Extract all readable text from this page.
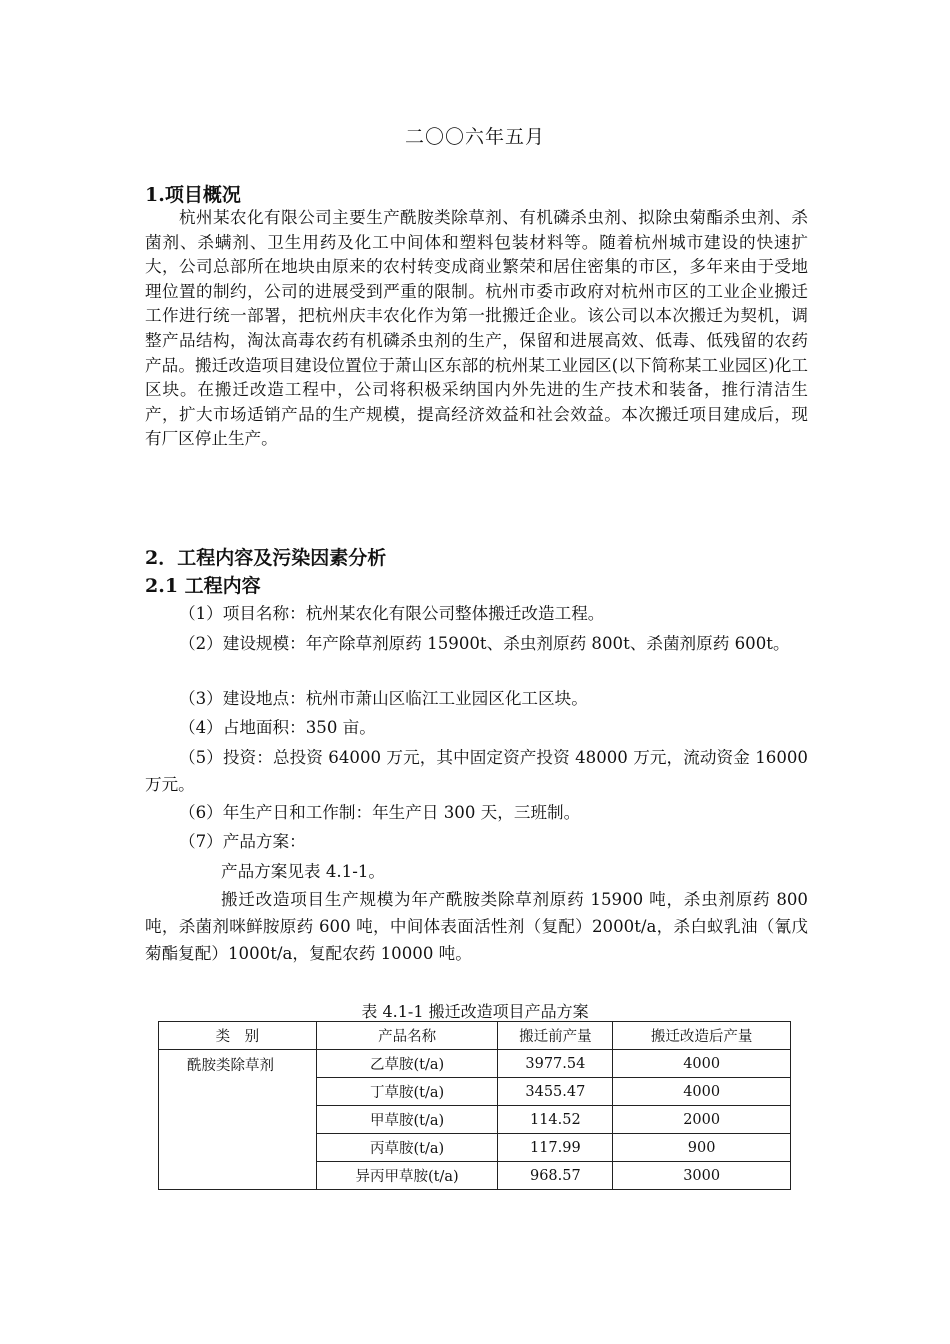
二〇〇六年五月
1.项目概况

杭州某农化有限公司主要生产酰胺类除草剂、有机磷杀虫剂、拟除虫菊酯杀虫剂、杀菌剂、杀螨剂、卫生用药及化工中间体和塑料包装材料等。随着杭州城市建设的快速扩大，公司总部所在地块由原来的农村转变成商业繁荣和居住密集的市区，多年来由于受地理位置的制约，公司的进展受到严重的限制。杭州市委市政府对杭州市区的工业企业搬迁工作进行统一部署，把杭州庆丰农化作为第一批搬迁企业。该公司以本次搬迁为契机，调整产品结构，淘汰高毒农药有机磷杀虫剂的生产，保留和进展高效、低毒、低残留的农药产品。搬迁改造项目建设位置位于萧山区东部的杭州某工业园区(以下简称某工业园区)化工区块。在搬迁改造工程中，公司将积极采纳国内外先进的生产技术和装备，推行清洁生产，扩大市场适销产品的生产规模，提高经济效益和社会效益。本次搬迁项目建成后，现有厂区停止生产。

2．工程内容及污染因素分析
2.1 工程内容

（1）项目名称：杭州某农化有限公司整体搬迁改造工程。

（2）建设规模：年产除草剂原药 15900t、杀虫剂原药 800t、杀菌剂原药 600t。

（3）建设地点：杭州市萧山区临江工业园区化工区块。

（4）占地面积：350 亩。

（5）投资：总投资 64000 万元，其中固定资产投资 48000 万元，流动资金 16000 万元。

（6）年生产日和工作制：年生产日 300 天，三班制。

（7）产品方案：

产品方案见表 4.1-1。

搬迁改造项目生产规模为年产酰胺类除草剂原药 15900 吨，杀虫剂原药 800 吨，杀菌剂咪鲜胺原药 600 吨，中间体表面活性剂（复配）2000t/a，杀白蚁乳油（氰戊菊酯复配）1000t/a，复配农药 10000 吨。

表 4.1-1 搬迁改造项目产品方案
类　别	产品名称	搬迁前产量	搬迁改造后产量
酰胺类除草剂	乙草胺(t/a)	3977.54	4000
	丁草胺(t/a)	3455.47	4000
	甲草胺(t/a)	114.52	2000
	丙草胺(t/a)	117.99	900
	异丙甲草胺(t/a)	968.57	3000
